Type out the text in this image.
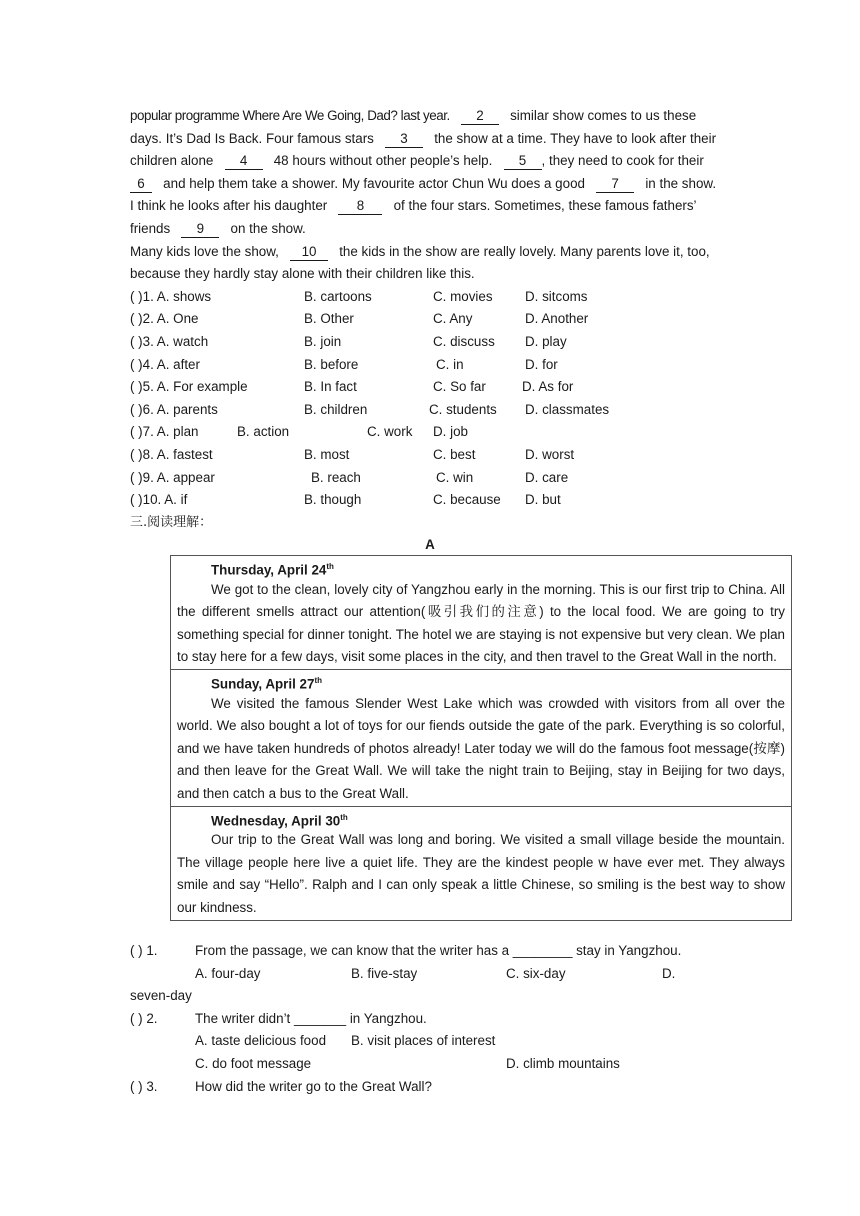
popular programme Where Are We Going, Dad? last year. 2 similar show comes to us these
days. It’s Dad Is Back. Four famous stars 3 the show at a time. They have to look after their
children alone 4 48 hours without other people’s help. 5 , they need to cook for their
6 and help them take a shower. My favourite actor Chun Wu does a good 7 in the show.
I think he looks after his daughter 8 of the four stars. Sometimes, these famous fathers’
friends 9 on the show.
Many kids love the show, 10 the kids in the show are really lovely. Many parents love it, too,
because they hardly stay alone with their children like this.
( )1. A. shows	B. cartoons	C. movies D. sitcoms
( )2. A. One	B. Other	C. Any	D. Another
( )3. A. watch	B. join	C. discuss D. play
( )4. A. after	B. before	C. in	D. for
( )5. A. For example	B. In fact	C. So far	D. As for
( )6. A. parents	B. children	C. students D. classmates
( )7. A. plan	B. action	C. work D. job
( )8. A. fastest	B. most	C. best	D. worst
( )9. A. appear	B. reach	C. win	D. care
( )10. A. if	B. though	C. because D. but
三.阅读理解：
A
Thursday, April 24th

We got to the clean, lovely city of Yangzhou early in the morning. This is our first trip to China. All the different smells attract our attention(吸引我们的注意) to the local food. We are going to try something special for dinner tonight. The hotel we are staying is not expensive but very clean. We plan to stay here for a few days, visit some places in the city, and then travel to the Great Wall in the north.

Sunday, April 27th

We visited the famous Slender West Lake which was crowded with visitors from all over the world. We also bought a lot of toys for our fiends outside the gate of the park. Everything is so colorful, and we have taken hundreds of photos already! Later today we will do the famous foot message(按摩) and then leave for the Great Wall. We will take the night train to Beijing, stay in Beijing for two days, and then catch a bus to the Great Wall.

Wednesday, April 30th

Our trip to the Great Wall was long and boring. We visited a small village beside the mountain. The village people here live a quiet life. They are the kindest people w have ever met. They always smile and say “Hello”. Ralph and I can only speak a little Chinese, so smiling is the best way to show our kindness.

( ) 1.	From the passage, we can know that the writer has a ________ stay in Yangzhou.
A. four-day	B. five-stay	C. six-day	D.
seven-day
( ) 2.	The writer didn’t _______ in Yangzhou.
A. taste delicious food B. visit places of interest
C. do foot message	D. climb mountains
( ) 3.	How did the writer go to the Great Wall?
